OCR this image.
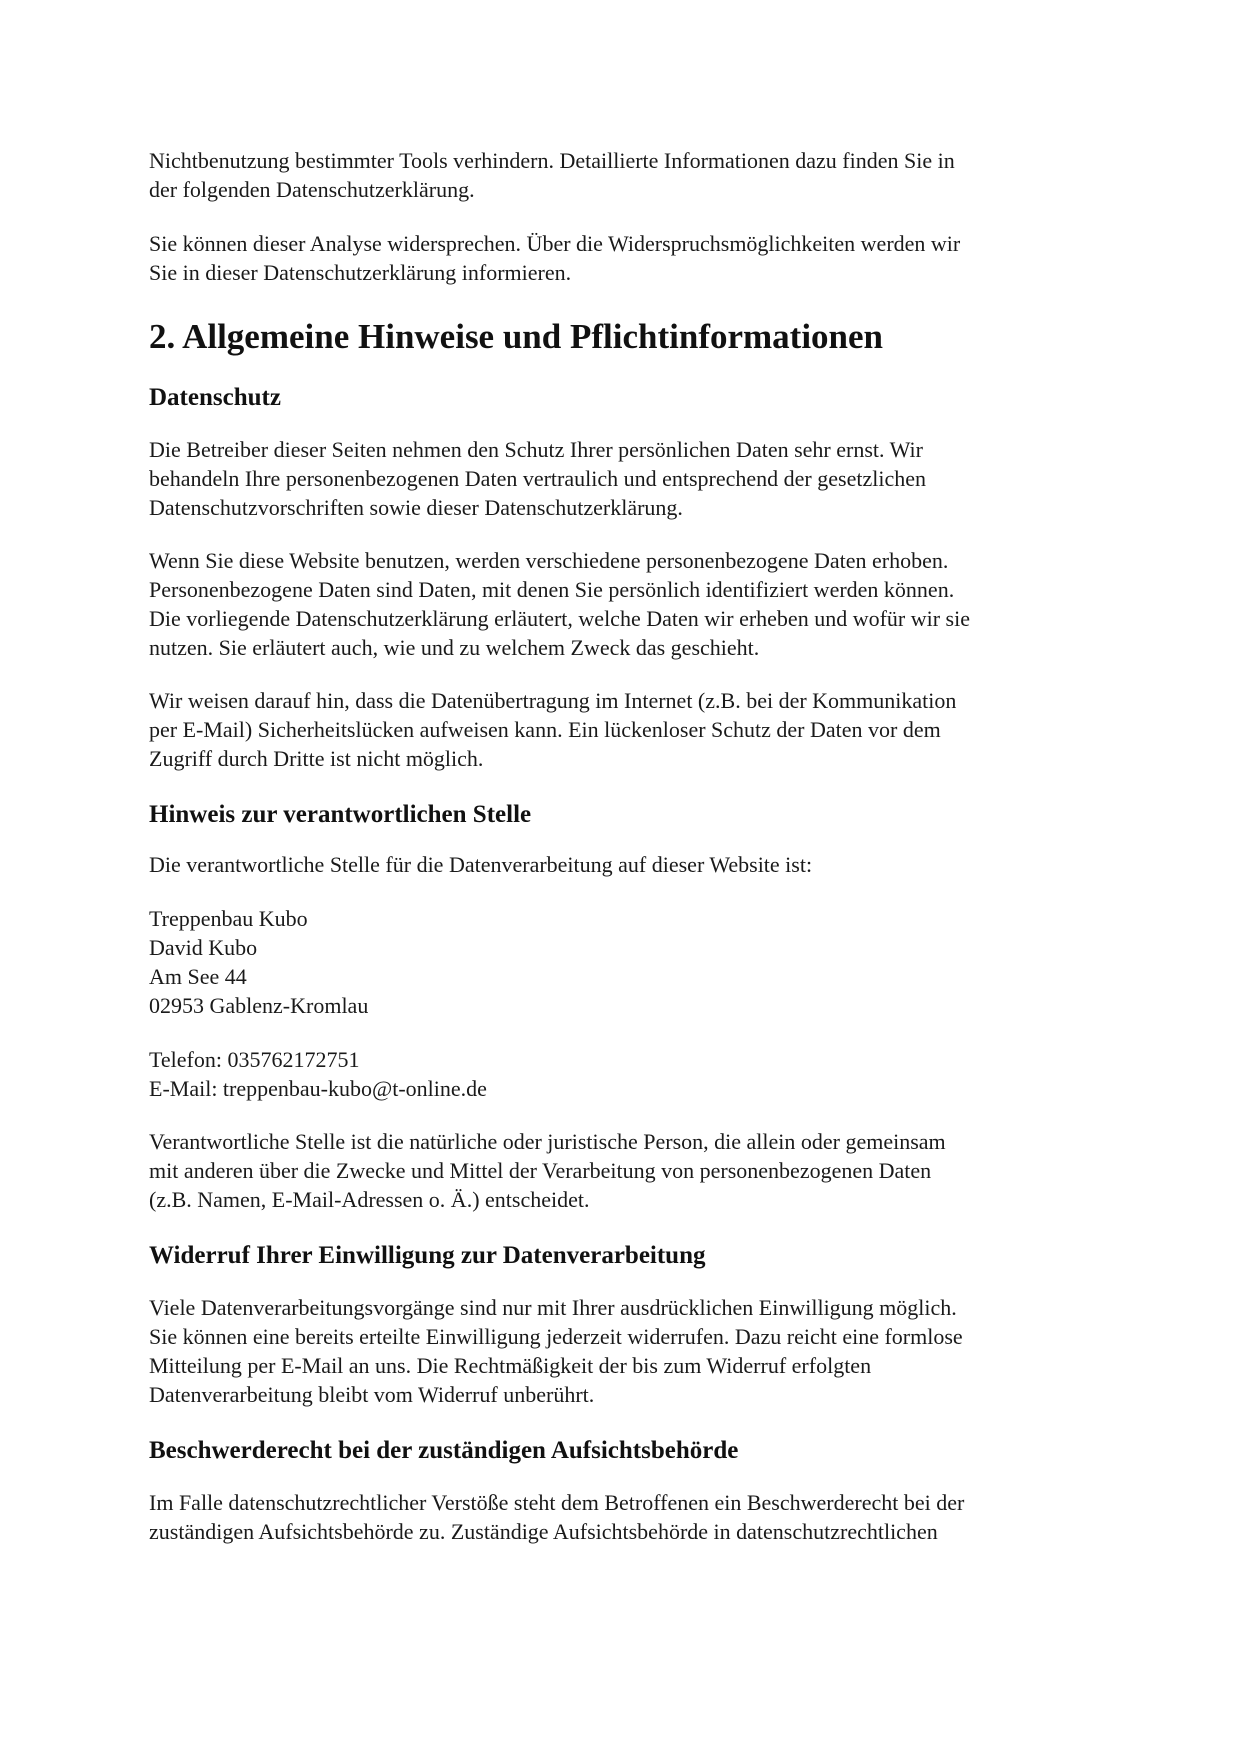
Nichtbenutzung bestimmter Tools verhindern. Detaillierte Informationen dazu finden Sie in
der folgenden Datenschutzerklärung.

Sie können dieser Analyse widersprechen. Über die Widerspruchsmöglichkeiten werden wir
Sie in dieser Datenschutzerklärung informieren.

2. Allgemeine Hinweise und Pflichtinformationen
Datenschutz

Die Betreiber dieser Seiten nehmen den Schutz Ihrer persönlichen Daten sehr ernst. Wir
behandeln Ihre personenbezogenen Daten vertraulich und entsprechend der gesetzlichen
Datenschutzvorschriften sowie dieser Datenschutzerklärung.

Wenn Sie diese Website benutzen, werden verschiedene personenbezogene Daten erhoben.
Personenbezogene Daten sind Daten, mit denen Sie persönlich identifiziert werden können.
Die vorliegende Datenschutzerklärung erläutert, welche Daten wir erheben und wofür wir sie
nutzen. Sie erläutert auch, wie und zu welchem Zweck das geschieht.

Wir weisen darauf hin, dass die Datenübertragung im Internet (z.B. bei der Kommunikation
per E-Mail) Sicherheitslücken aufweisen kann. Ein lückenloser Schutz der Daten vor dem
Zugriff durch Dritte ist nicht möglich.

Hinweis zur verantwortlichen Stelle

Die verantwortliche Stelle für die Datenverarbeitung auf dieser Website ist:

Treppenbau Kubo
David Kubo
Am See 44
02953 Gablenz-Kromlau

Telefon: 035762172751
E-Mail: treppenbau-kubo@t-online.de

Verantwortliche Stelle ist die natürliche oder juristische Person, die allein oder gemeinsam
mit anderen über die Zwecke und Mittel der Verarbeitung von personenbezogenen Daten
(z.B. Namen, E-Mail-Adressen o. Ä.) entscheidet.

Widerruf Ihrer Einwilligung zur Datenverarbeitung

Viele Datenverarbeitungsvorgänge sind nur mit Ihrer ausdrücklichen Einwilligung möglich.
Sie können eine bereits erteilte Einwilligung jederzeit widerrufen. Dazu reicht eine formlose
Mitteilung per E-Mail an uns. Die Rechtmäßigkeit der bis zum Widerruf erfolgten
Datenverarbeitung bleibt vom Widerruf unberührt.

Beschwerderecht bei der zuständigen Aufsichtsbehörde

Im Falle datenschutzrechtlicher Verstöße steht dem Betroffenen ein Beschwerderecht bei der
zuständigen Aufsichtsbehörde zu. Zuständige Aufsichtsbehörde in datenschutzrechtlichen
